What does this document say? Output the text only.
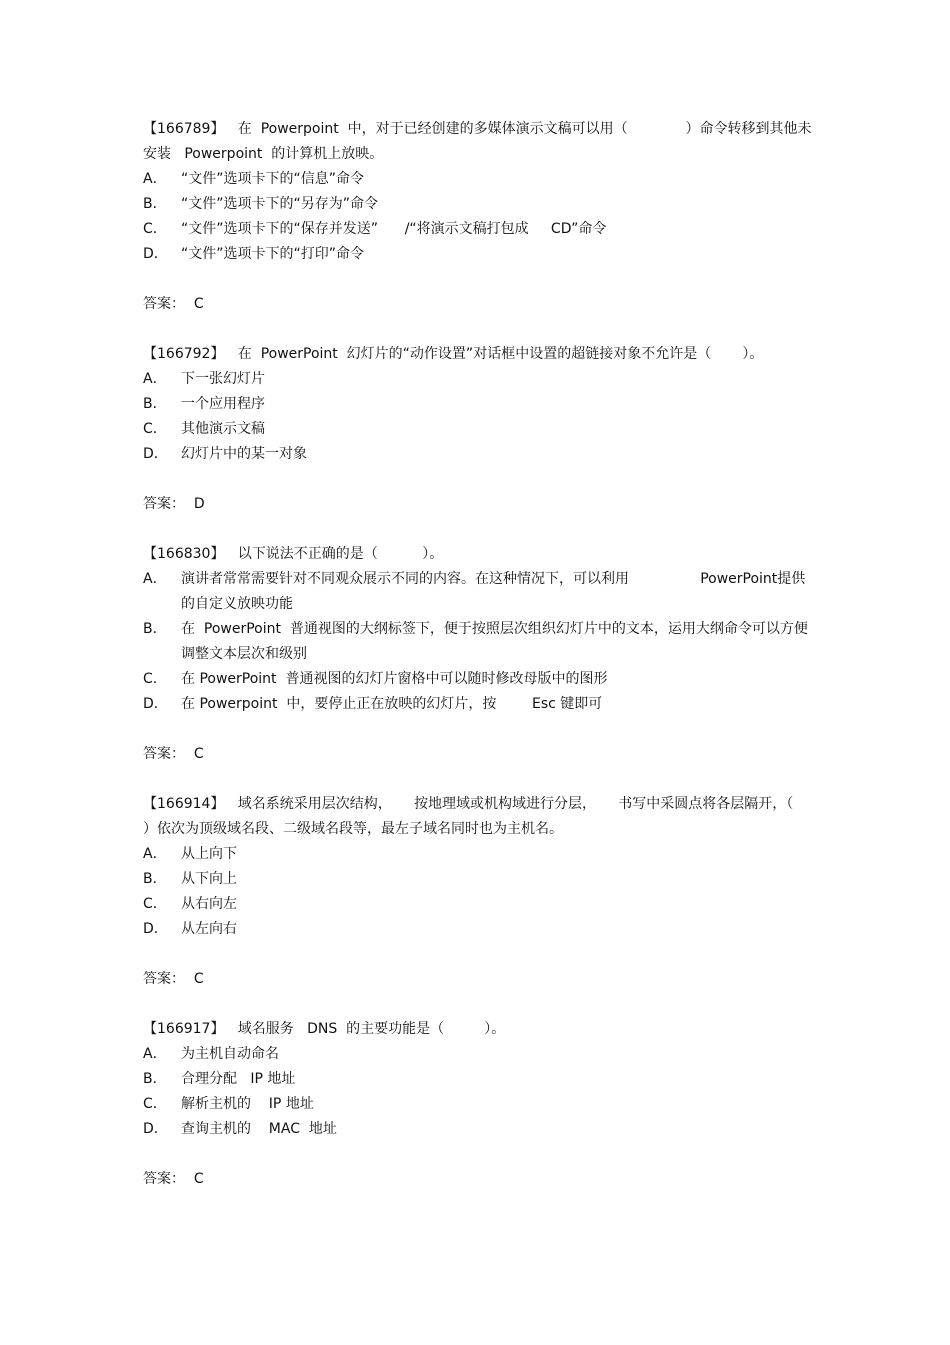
【166789】   在  Powerpoint  中，对于已经创建的多媒体演示文稿可以用（             ）命令转移到其他未安装   Powerpoint  的计算机上放映。
A．	“文件”选项卡下的“信息”命令
B．	“文件”选项卡下的“另存为”命令
C．	“文件”选项卡下的“保存并发送”      /“将演示文稿打包成     CD”命令
D． “文件”选项卡下的“打印”命令
答案：  C
【166792】   在  PowerPoint  幻灯片的“动作设置”对话框中设置的超链接对象不允许是（       ）。
A．	下一张幻灯片
B．	一个应用程序
C．	其他演示文稿
D． 幻灯片中的某一对象
答案：  D
【166830】   以下说法不正确的是（          ）。
A．	演讲者常常需要针对不同观众展示不同的内容。在这种情况下，可以利用                PowerPoint提供的自定义放映功能
B．	在  PowerPoint  普通视图的大纲标签下，便于按照层次组织幻灯片中的文本，运用大纲命令可以方便调整文本层次和级别
C．	在 PowerPoint  普通视图的幻灯片窗格中可以随时修改母版中的图形
D． 在 Powerpoint  中，要停止正在放映的幻灯片，按        Esc 键即可
答案：  C
【166914】   域名系统采用层次结构，     按地理域或机构域进行分层，     书写中采圆点将各层隔开，（       ）依次为顶级域名段、二级域名段等，最左子域名同时也为主机名。
A．	从上向下
B．	从下向上
C．	从右向左
D． 从左向右
答案：  C
【166917】   域名服务   DNS  的主要功能是（         ）。
A．	为主机自动命名
B．	合理分配   IP 地址
C．	解析主机的    IP 地址
D． 查询主机的    MAC  地址
答案：  C
